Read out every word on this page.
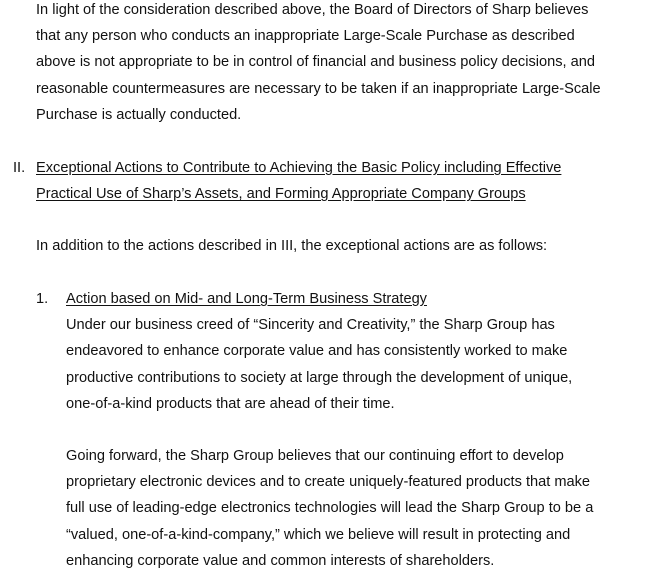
In light of the consideration described above, the Board of Directors of Sharp believes
that any person who conducts an inappropriate Large-Scale Purchase as described
above is not appropriate to be in control of financial and business policy decisions, and
reasonable countermeasures are necessary to be taken if an inappropriate Large-Scale
Purchase is actually conducted.
II. Exceptional Actions to Contribute to Achieving the Basic Policy including Effective
Practical Use of Sharp’s Assets, and Forming Appropriate Company Groups
In addition to the actions described in III, the exceptional actions are as follows:
1. Action based on Mid- and Long-Term Business Strategy
Under our business creed of “Sincerity and Creativity,” the Sharp Group has
endeavored to enhance corporate value and has consistently worked to make
productive contributions to society at large through the development of unique,
one-of-a-kind products that are ahead of their time.
Going forward, the Sharp Group believes that our continuing effort to develop
proprietary electronic devices and to create uniquely-featured products that make
full use of leading-edge electronics technologies will lead the Sharp Group to be a
“valued, one-of-a-kind-company,” which we believe will result in protecting and
enhancing corporate value and common interests of shareholders.
